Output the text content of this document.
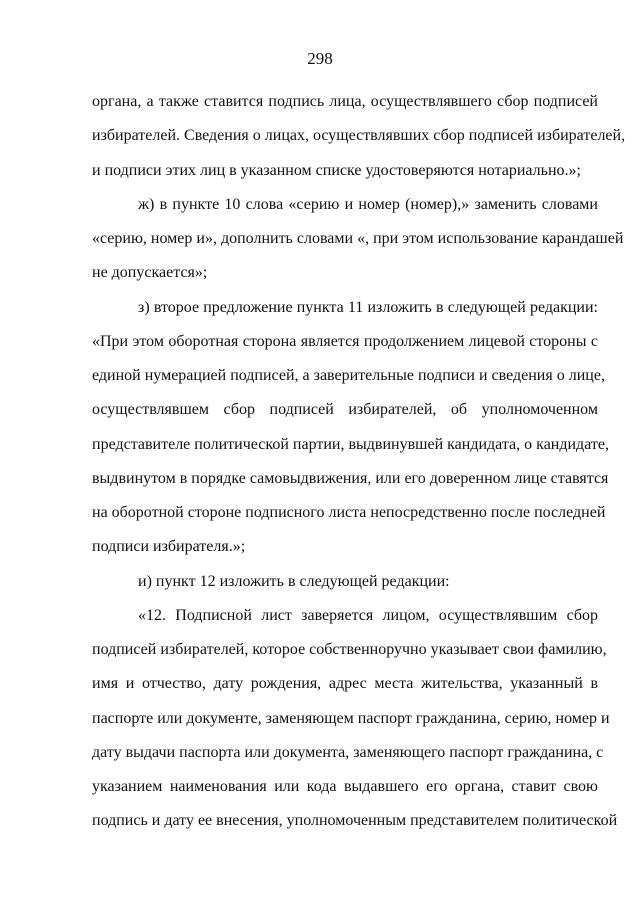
298
органа, а также ставится подпись лица, осуществлявшего сбор подписей
избирателей. Сведения о лицах, осуществлявших сбор подписей избирателей,
и подписи этих лиц в указанном списке удостоверяются нотариально.»;
ж) в пункте 10 слова «серию и номер (номер),» заменить словами
«серию, номер и», дополнить словами «, при этом использование карандашей
не допускается»;
з) второе предложение пункта 11 изложить в следующей редакции:
«При этом оборотная сторона является продолжением лицевой стороны с
единой нумерацией подписей, а заверительные подписи и сведения о лице,
осуществлявшем сбор подписей избирателей, об уполномоченном
представителе политической партии, выдвинувшей кандидата, о кандидате,
выдвинутом в порядке самовыдвижения, или его доверенном лице ставятся
на оборотной стороне подписного листа непосредственно после последней
подписи избирателя.»;
и) пункт 12 изложить в следующей редакции:
«12. Подписной лист заверяется лицом, осуществлявшим сбор
подписей избирателей, которое собственноручно указывает свои фамилию,
имя и отчество, дату рождения, адрес места жительства, указанный в
паспорте или документе, заменяющем паспорт гражданина, серию, номер и
дату выдачи паспорта или документа, заменяющего паспорт гражданина, с
указанием наименования или кода выдавшего его органа, ставит свою
подпись и дату ее внесения, уполномоченным представителем политической
